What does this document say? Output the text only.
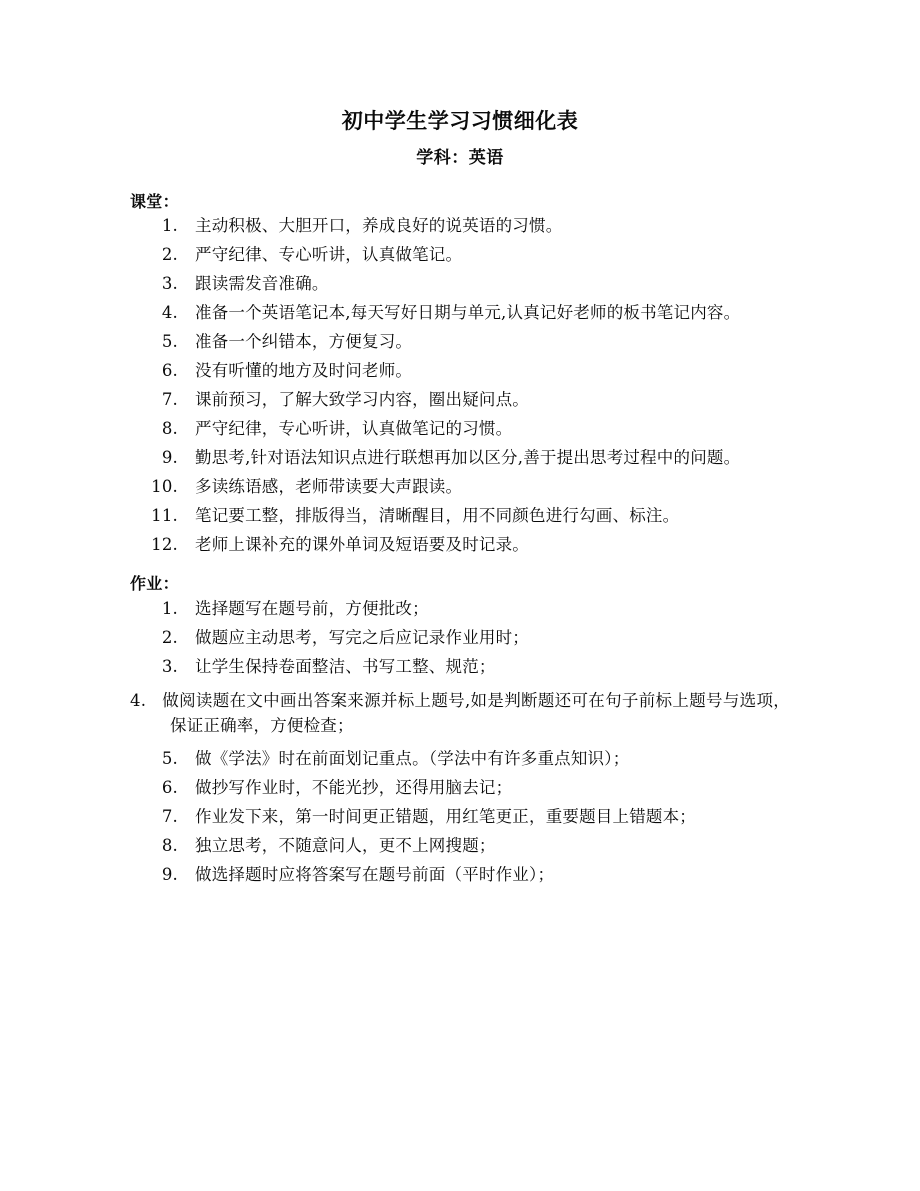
初中学生学习习惯细化表
学科：英语
课堂：
1. 主动积极、大胆开口，养成良好的说英语的习惯。
2. 严守纪律、专心听讲，认真做笔记。
3. 跟读需发音准确。
4. 准备一个英语笔记本,每天写好日期与单元,认真记好老师的板书笔记内容。
5. 准备一个纠错本，方便复习。
6. 没有听懂的地方及时问老师。
7. 课前预习，了解大致学习内容，圈出疑问点。
8. 严守纪律，专心听讲，认真做笔记的习惯。
9. 勤思考,针对语法知识点进行联想再加以区分,善于提出思考过程中的问题。
10. 多读练语感，老师带读要大声跟读。
11. 笔记要工整，排版得当，清晰醒目，用不同颜色进行勾画、标注。
12. 老师上课补充的课外单词及短语要及时记录。
作业：
1. 选择题写在题号前，方便批改；
2. 做题应主动思考，写完之后应记录作业用时；
3. 让学生保持卷面整洁、书写工整、规范；
4. 做阅读题在文中画出答案来源并标上题号,如是判断题还可在句子前标上题号与选项，保证正确率，方便检查；
5. 做《学法》时在前面划记重点。（学法中有许多重点知识）；
6. 做抄写作业时，不能光抄，还得用脑去记；
7. 作业发下来，第一时间更正错题，用红笔更正，重要题目上错题本；
8. 独立思考，不随意问人，更不上网搜题；
9. 做选择题时应将答案写在题号前面（平时作业）；
